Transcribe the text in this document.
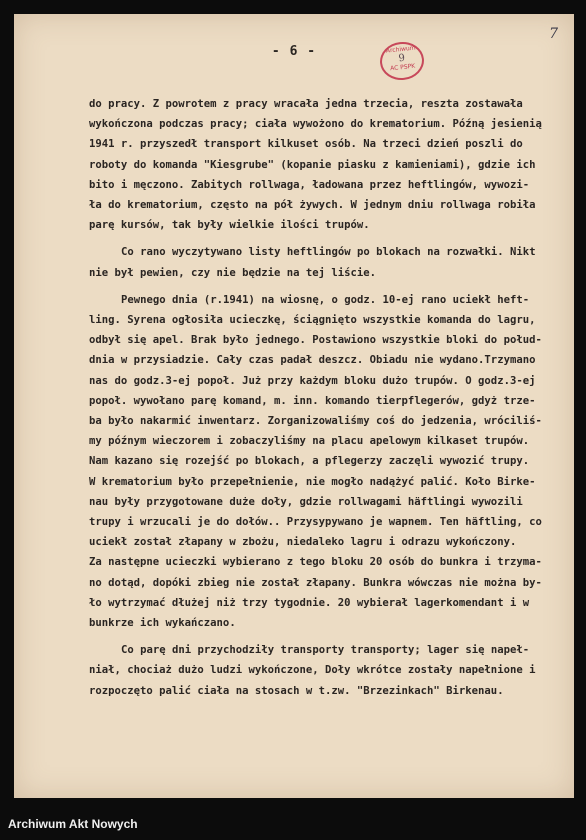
- 6 -	Archiwum
9
AC PSPK
7
do pracy. Z powrotem z pracy wracała jedna trzecia, reszta zostawała
wykończona podczas pracy; ciała wywożono do krematorium. Późną jesienią
1941 r. przyszedł transport kilkuset osób. Na trzeci dzień poszli do
roboty do komanda "Kiesgrube" (kopanie piasku z kamieniami), gdzie ich
bito i męczono. Zabitych rollwaga, ładowana przez heftlingów, wywozi-
ła do krematorium, często na pół żywych. W jednym dniu rollwaga robiła
parę kursów, tak były wielkie ilości trupów.
Co rano wyczytywano listy heftlingów po blokach na rozwałki. Nikt
nie był pewien, czy nie będzie na tej liście.
Pewnego dnia (r.1941) na wiosnę, o godz. 10-ej rano uciekł heft-
ling. Syrena ogłosiła ucieczkę, ściągnięto wszystkie komanda do lagru,
odbył się apel. Brak było jednego. Postawiono wszystkie bloki do połud-
dnia w przysiadzie. Cały czas padał deszcz. Obiadu nie wydano.Trzymano
nas do godz.3-ej popoł. Już przy każdym bloku dużo trupów. O godz.3-ej
popoł. wywołano parę komand, m. inn. komando tierpflegerów, gdyż trze-
ba było nakarmić inwentarz. Zorganizowaliśmy coś do jedzenia, wróciliś-
my późnym wieczorem i zobaczyliśmy na placu apelowym kilkaset trupów.
Nam kazano się rozejść po blokach, a pflegerzy zaczęli wywozić trupy.
W krematorium było przepełnienie, nie mogło nadążyć palić. Koło Birke-
nau były przygotowane duże doły, gdzie rollwagami häftlingi wywozili
trupy i wrzucali je do dołów.. Przysypywano je wapnem. Ten häftling, co
uciekł został złapany w zbożu, niedaleko lagru i odrazu wykończony.
Za następne ucieczki wybierano z tego bloku 20 osób do bunkra i trzyma-
no dotąd, dopóki zbieg nie został złapany. Bunkra wówczas nie można by-
ło wytrzymać dłużej niż trzy tygodnie. 20 wybierał lagerkomendant i w
bunkrze ich wykańczano.
Co parę dni przychodziły transporty transporty; lager się napeł-
niał, chociaż dużo ludzi wykończone, Doły wkrótce zostały napełnione i
rozpoczęto palić ciała na stosach w t.zw. "Brzezinkach" Birkenau.
Archiwum Akt Nowych
